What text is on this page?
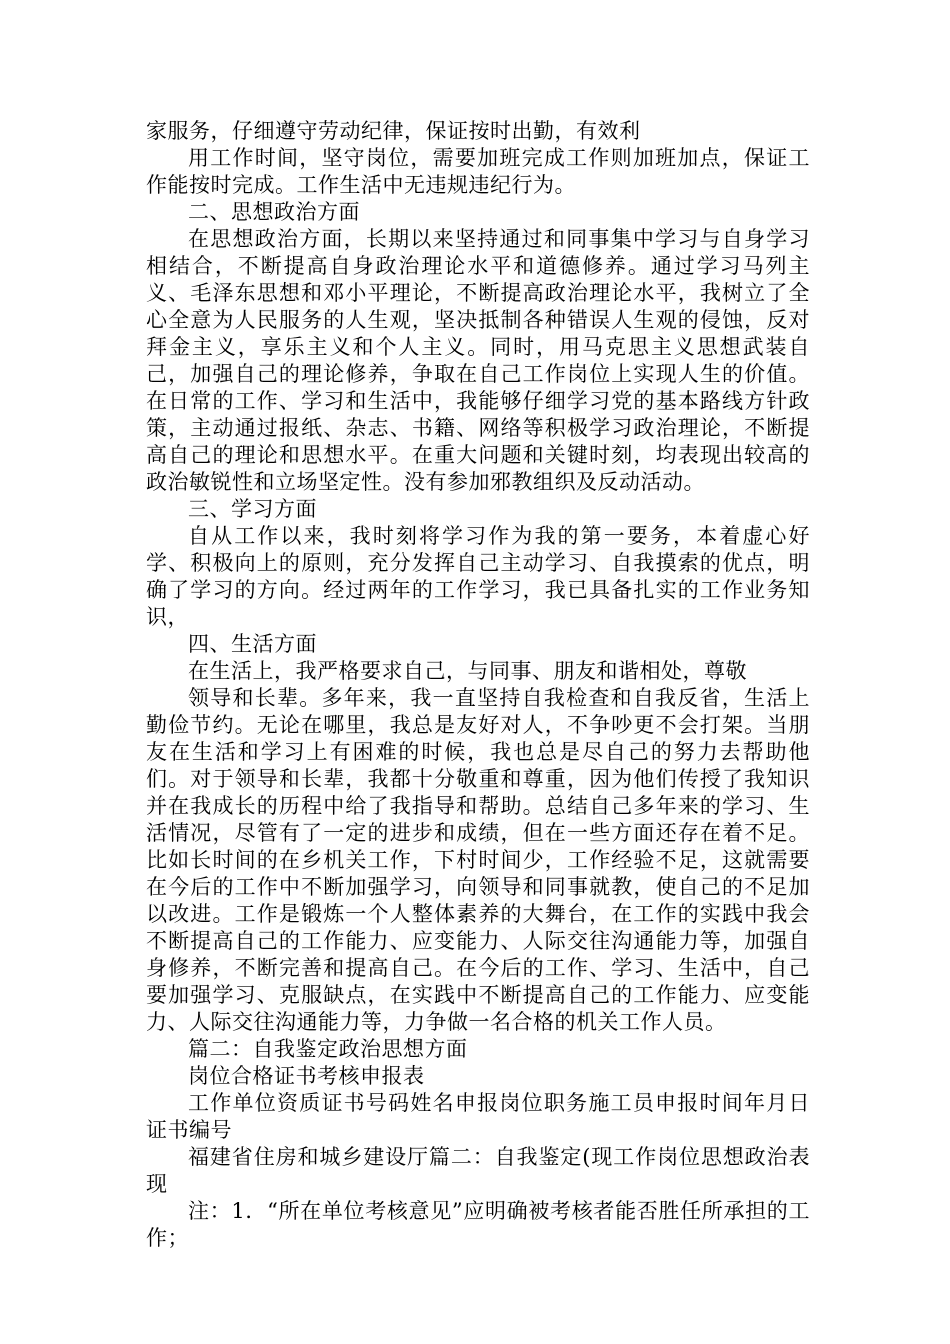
家服务，仔细遵守劳动纪律，保证按时出勤，有效利

用工作时间，坚守岗位，需要加班完成工作则加班加点，保证工作能按时完成。工作生活中无违规违纪行为。

二、思想政治方面

在思想政治方面，长期以来坚持通过和同事集中学习与自身学习相结合，不断提高自身政治理论水平和道德修养。通过学习马列主义、毛泽东思想和邓小平理论，不断提高政治理论水平，我树立了全心全意为人民服务的人生观，坚决抵制各种错误人生观的侵蚀，反对拜金主义，享乐主义和个人主义。同时，用马克思主义思想武装自己，加强自己的理论修养，争取在自己工作岗位上实现人生的价值。在日常的工作、学习和生活中，我能够仔细学习党的基本路线方针政策，主动通过报纸、杂志、书籍、网络等积极学习政治理论，不断提高自己的理论和思想水平。在重大问题和关键时刻，均表现出较高的政治敏锐性和立场坚定性。没有参加邪教组织及反动活动。

三、学习方面

自从工作以来，我时刻将学习作为我的第一要务，本着虚心好学、积极向上的原则，充分发挥自己主动学习、自我摸索的优点，明确了学习的方向。经过两年的工作学习，我已具备扎实的工作业务知识，

四、生活方面

在生活上，我严格要求自己，与同事、朋友和谐相处，尊敬

领导和长辈。多年来，我一直坚持自我检查和自我反省，生活上勤俭节约。无论在哪里，我总是友好对人，不争吵更不会打架。当朋友在生活和学习上有困难的时候，我也总是尽自己的努力去帮助他们。对于领导和长辈，我都十分敬重和尊重，因为他们传授了我知识并在我成长的历程中给了我指导和帮助。总结自己多年来的学习、生活情况，尽管有了一定的进步和成绩，但在一些方面还存在着不足。比如长时间的在乡机关工作，下村时间少，工作经验不足，这就需要在今后的工作中不断加强学习，向领导和同事就教，使自己的不足加以改进。工作是锻炼一个人整体素养的大舞台，在工作的实践中我会不断提高自己的工作能力、应变能力、人际交往沟通能力等，加强自身修养，不断完善和提高自己。在今后的工作、学习、生活中，自己要加强学习、克服缺点，在实践中不断提高自己的工作能力、应变能力、人际交往沟通能力等，力争做一名合格的机关工作人员。

篇二：自我鉴定政治思想方面

岗位合格证书考核申报表

工作单位资质证书号码姓名申报岗位职务施工员申报时间年月日证书编号

福建省住房和城乡建设厅篇二：自我鉴定(现工作岗位思想政治表现

注：1．“所在单位考核意见”应明确被考核者能否胜任所承担的工作；
